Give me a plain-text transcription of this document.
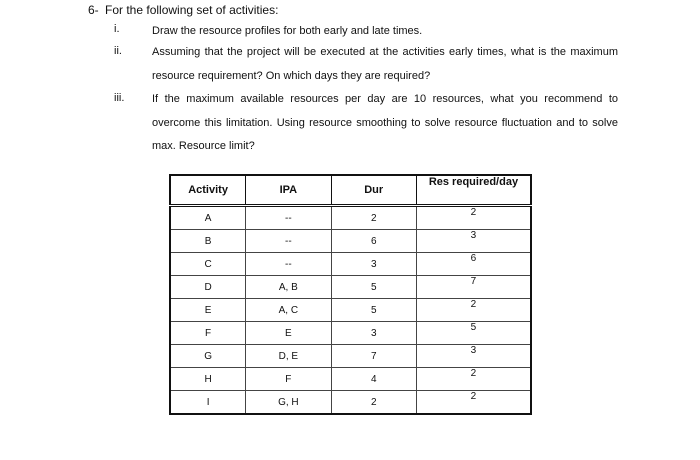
6- For the following set of activities:
i.	Draw the resource profiles for both early and late times.
ii.	Assuming that the project will be executed at the activities early times, what is the maximum resource requirement? On which days they are required?
iii.	If the maximum available resources per day are 10 resources, what you recommend to overcome this limitation. Using resource smoothing to solve resource fluctuation and to solve max. Resource limit?
Activity	IPA	Dur	Res required/day
A	--	2	2
B	--	6	3
C	--	3	6
D	A, B	5	7
E	A, C	5	2
F	E	3	5
G	D, E	7	3
H	F	4	2
I	G, H	2	2
